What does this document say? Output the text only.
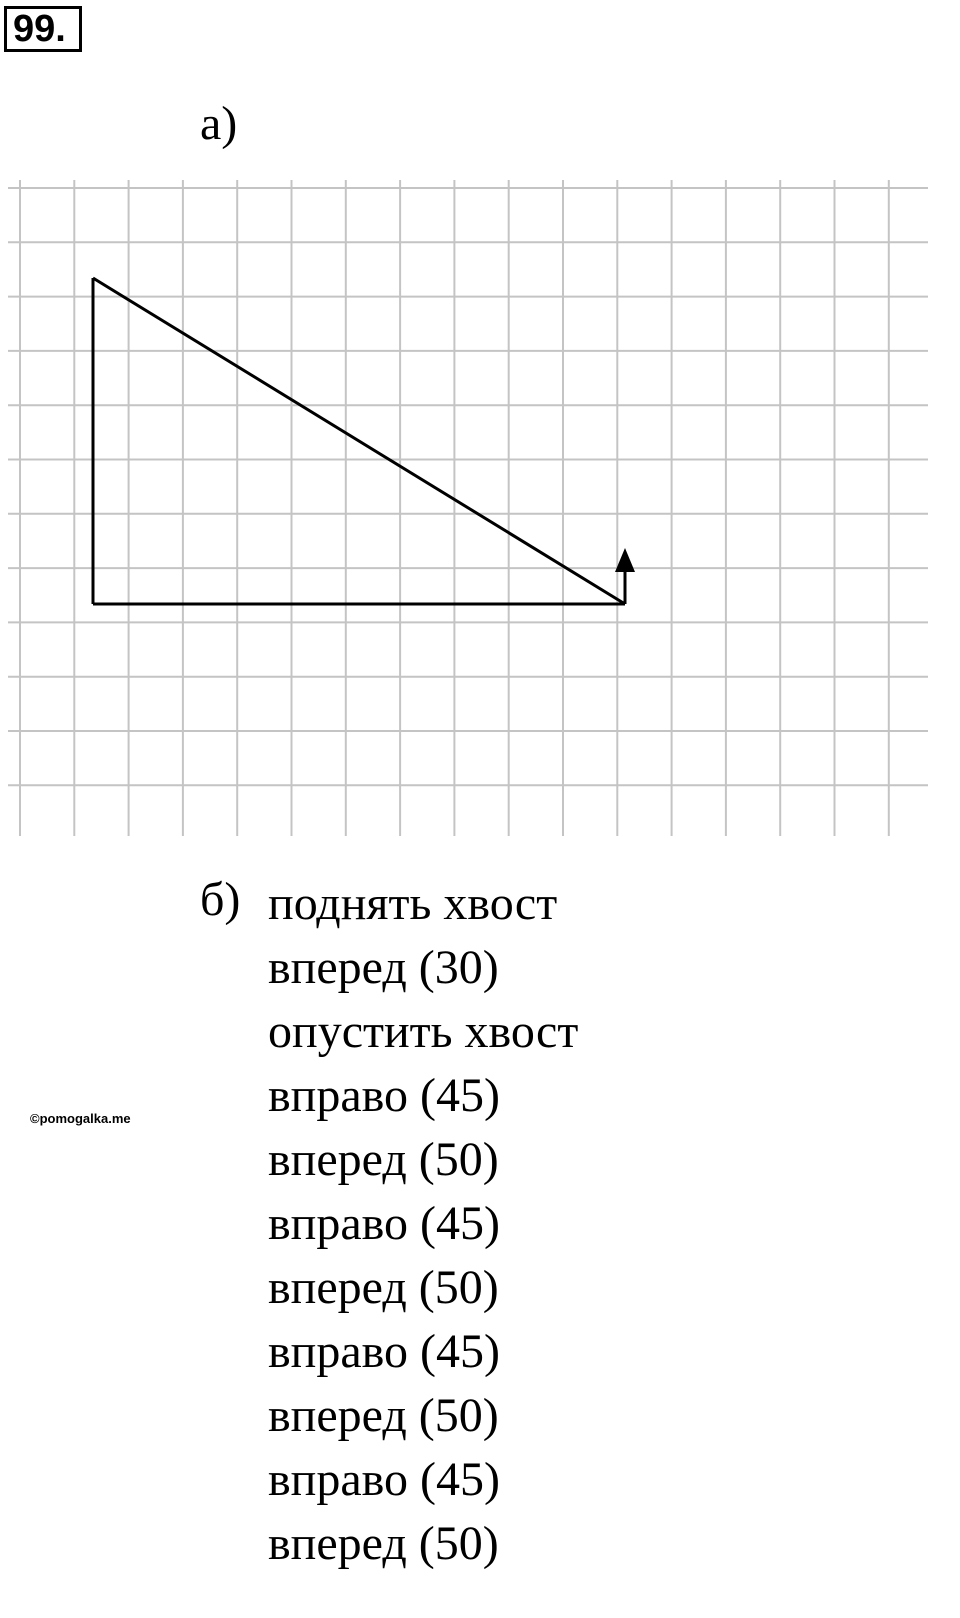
99.
а)
б) поднять хвост
вперед (30)
опустить хвост
вправо (45)
вперед (50)
вправо (45)
вперед (50)
вправо (45)
вперед (50)
вправо (45)
вперед (50)
©pomogalka.me
